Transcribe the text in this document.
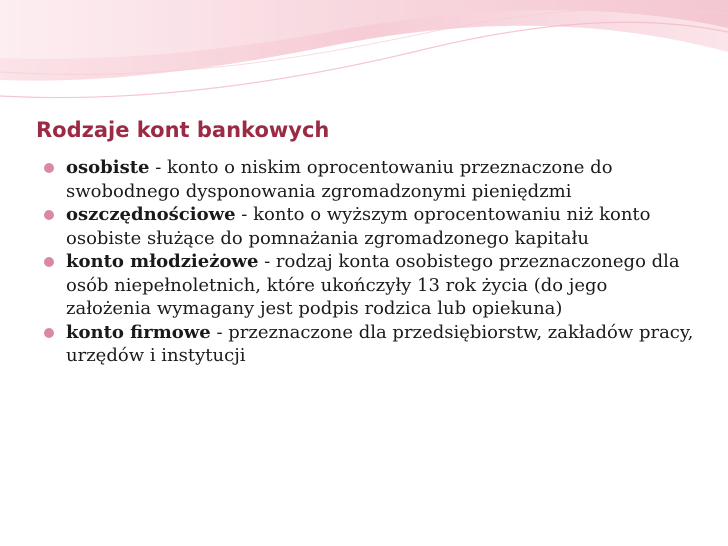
Rodzaje kont bankowych
osobiste - konto o niskim oprocentowaniu przeznaczone do swobodnego dysponowania zgromadzonymi pieniędzmi
oszczędnościowe - konto o wyższym oprocentowaniu niż konto osobiste służące do pomnażania zgromadzonego kapitału
konto młodzieżowe - rodzaj konta osobistego przeznaczonego dla osób niepełnoletnich, które ukończyły 13 rok życia (do jego założenia wymagany jest podpis rodzica lub opiekuna)
konto firmowe - przeznaczone dla przedsiębiorstw, zakładów pracy, urzędów i instytucji
